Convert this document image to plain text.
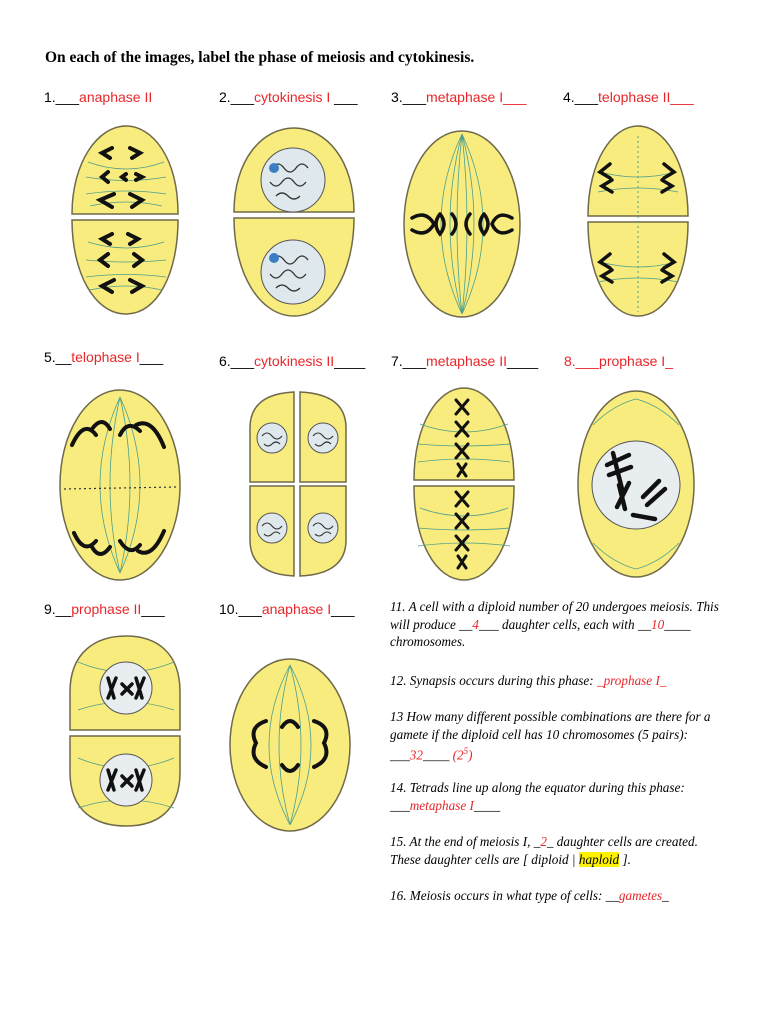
On each of the images, label the phase of meiosis and cytokinesis.
1.___anaphase II	2.___cytokinesis I ___ 3.___metaphase I___	4.___telophase II___
5.__telophase I___	6.___cytokinesis II____ 7.___metaphase II____ 8.___prophase I_
9.__prophase II___	10.___anaphase I___	11. A cell with a diploid number of 20 undergoes meiosis. This will produce __4___ daughter cells, each with __10____ chromosomes.
12. Synapsis occurs during this phase: _prophase I_
13 How many different possible combinations are there for a gamete if the diploid cell has 10 chromosomes (5 pairs): ___32____ $(2^5)$
14. Tetrads line up along the equator during this phase: ___metaphase I____
15. At the end of meiosis I, _2_ daughter cells are created. These daughter cells are [ diploid | haploid ].
16. Meiosis occurs in what type of cells: __gametes_
